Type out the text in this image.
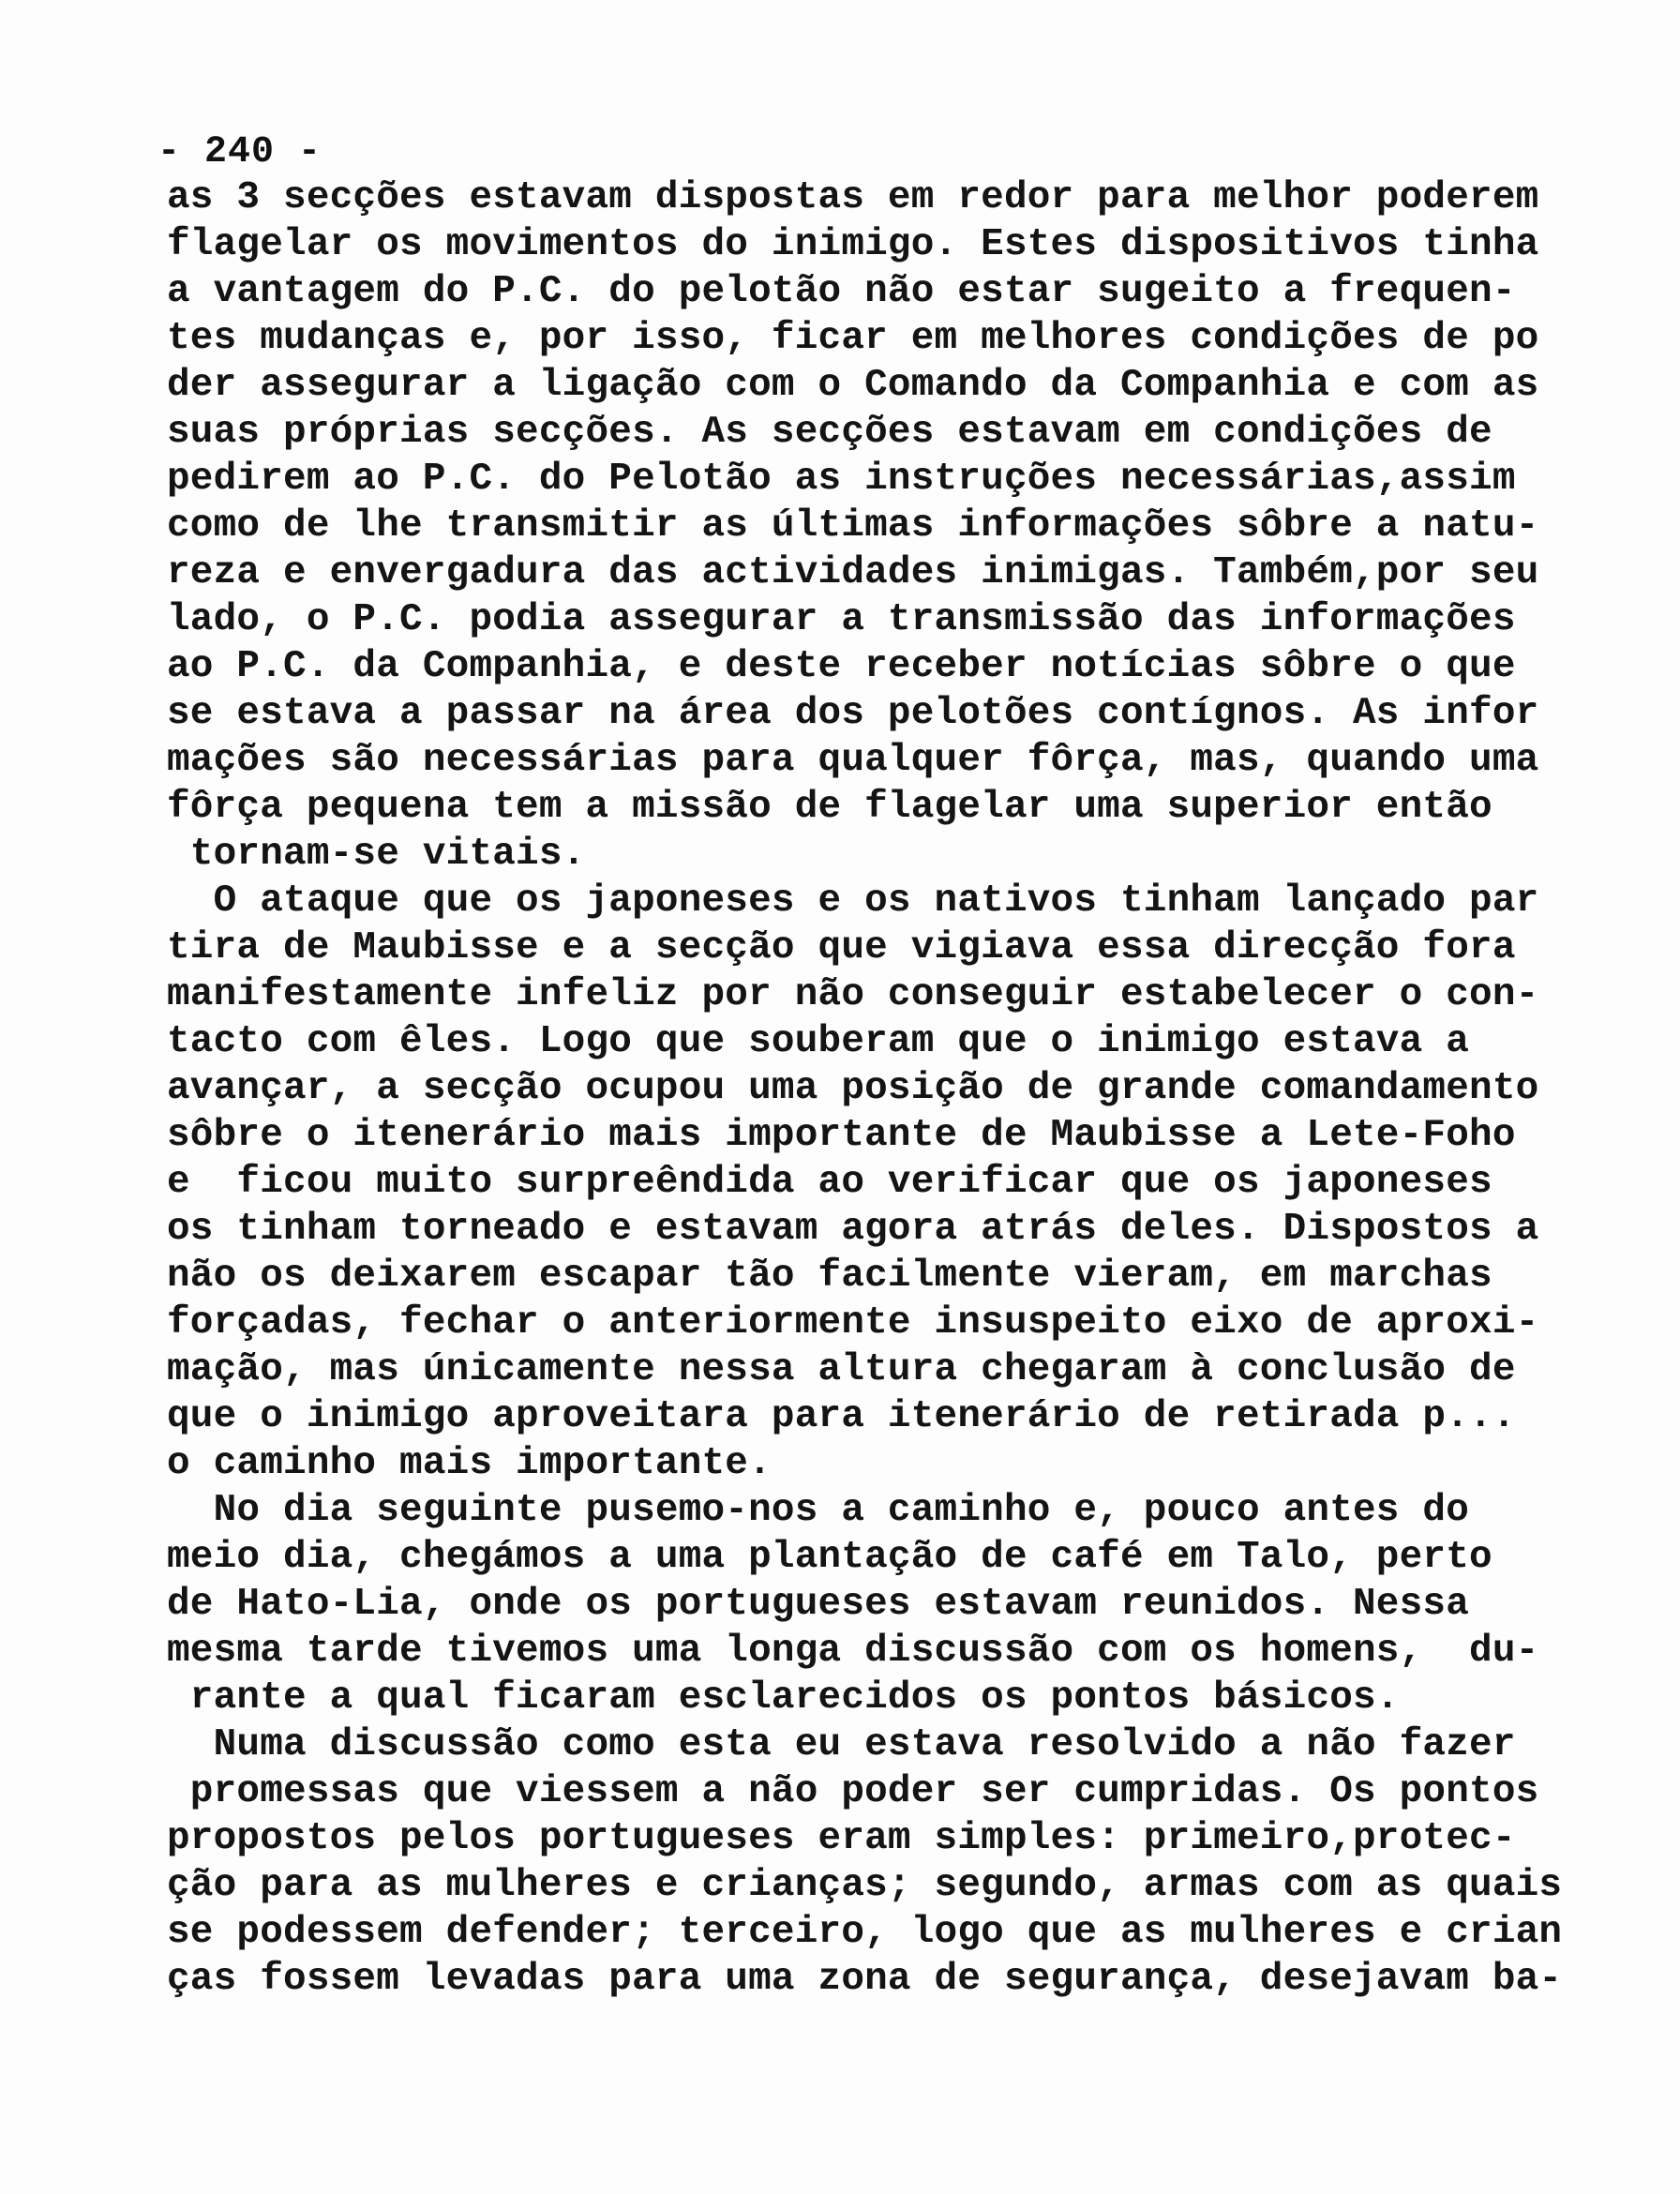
- 240 -
as 3 secções estavam dispostas em redor para melhor poderem
flagelar os movimentos do inimigo. Estes dispositivos tinha
a vantagem do P.C. do pelotão não estar sugeito a frequen-
tes mudanças e, por isso, ficar em melhores condições de po
der assegurar a ligação com o Comando da Companhia e com as
suas próprias secções. As secções estavam em condições de
pedirem ao P.C. do Pelotão as instruções necessárias,assim
como de lhe transmitir as últimas informações sôbre a natu-
reza e envergadura das actividades inimigas. Também,por seu
lado, o P.C. podia assegurar a transmissão das informações
ao P.C. da Companhia, e deste receber notícias sôbre o que
se estava a passar na área dos pelotões contígnos. As infor
mações são necessárias para qualquer fôrça, mas, quando uma
fôrça pequena tem a missão de flagelar uma superior então
tornam-se vitais.
O ataque que os japoneses e os nativos tinham lançado par
tira de Maubisse e a secção que vigiava essa direcção fora
manifestamente infeliz por não conseguir estabelecer o con-
tacto com êles. Logo que souberam que o inimigo estava a
avançar, a secção ocupou uma posição de grande comandamento
sôbre o itenerário mais importante de Maubisse a Lete-Foho
e  ficou muito surpreêndida ao verificar que os japoneses
os tinham torneado e estavam agora atrás deles. Dispostos a
não os deixarem escapar tão facilmente vieram, em marchas
forçadas, fechar o anteriormente insuspeito eixo de aproxi-
mação, mas únicamente nessa altura chegaram à conclusão de
que o inimigo aproveitara para itenerário de retirada p...
o caminho mais importante.
No dia seguinte pusemo-nos a caminho e, pouco antes do
meio dia, chegámos a uma plantação de café em Talo, perto
de Hato-Lia, onde os portugueses estavam reunidos. Nessa
mesma tarde tivemos uma longa discussão com os homens,  du-
rante a qual ficaram esclarecidos os pontos básicos.
Numa discussão como esta eu estava resolvido a não fazer
promessas que viessem a não poder ser cumpridas. Os pontos
propostos pelos portugueses eram simples: primeiro,protec-
ção para as mulheres e crianças; segundo, armas com as quais
se podessem defender; terceiro, logo que as mulheres e crian
ças fossem levadas para uma zona de segurança, desejavam ba-
